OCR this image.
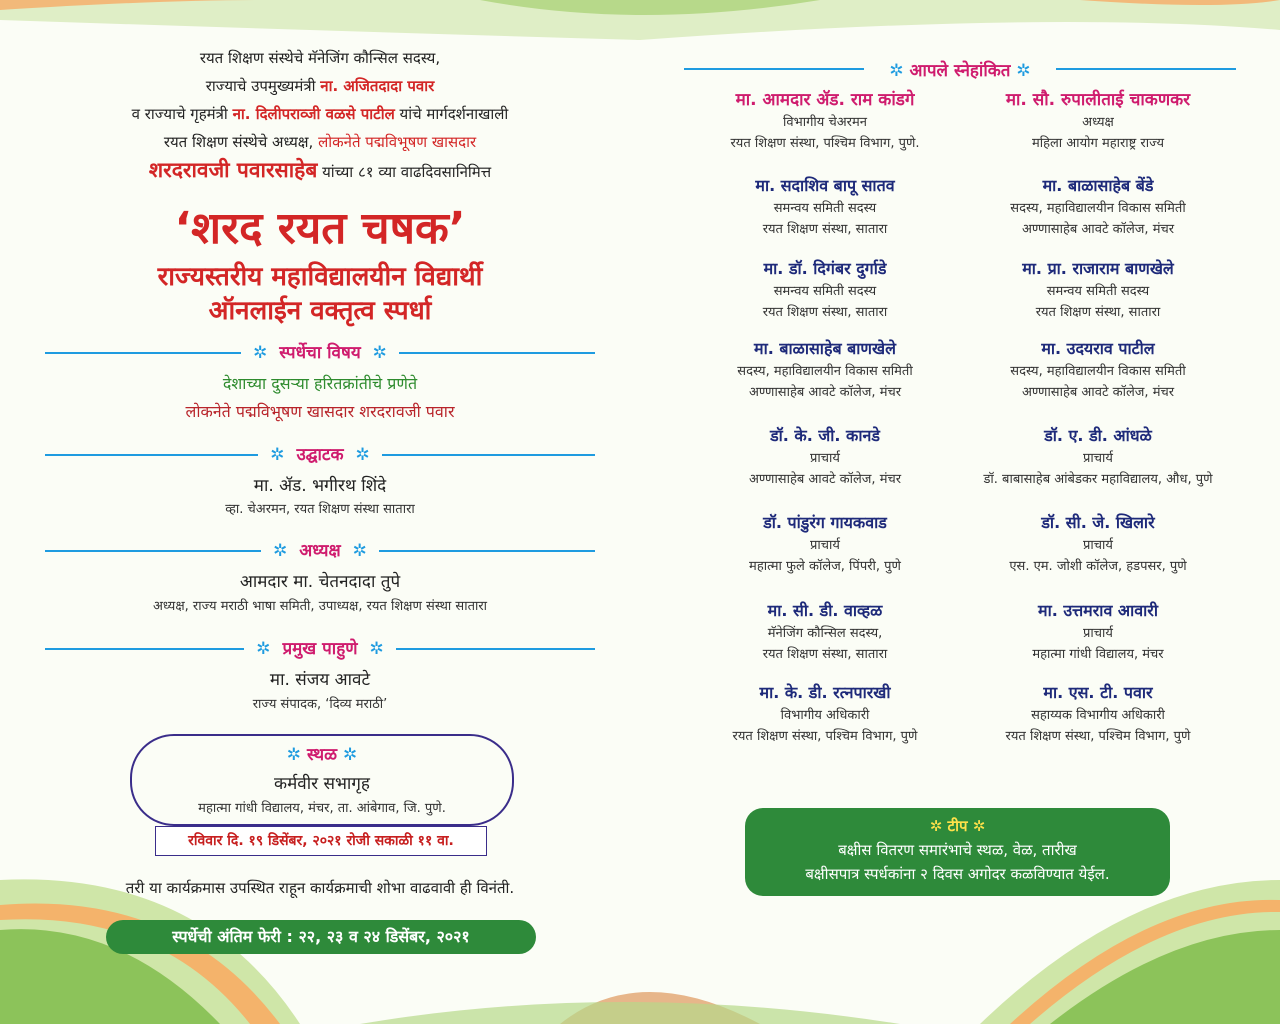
रयत शिक्षण संस्थेचे मॅनेजिंग कौन्सिल सदस्य,
राज्याचे उपमुख्यमंत्री ना. अजितदादा पवार
व राज्याचे गृहमंत्री ना. दिलीपराव्जी वळसे पाटील यांचे मार्गदर्शनाखाली
रयत शिक्षण संस्थेचे अध्यक्ष, लोकनेते पद्मविभूषण खासदार
शरदरावजी पवारसाहेब यांच्या ८१ व्या वाढदिवसानिमित्त
‘शरद रयत चषक’
राज्यस्तरीय महाविद्यालयीन विद्यार्थी
ऑनलाईन वक्तृत्व स्पर्धा
✲ स्पर्धेचा विषय ✲
देशाच्या दुसऱ्या हरितक्रांतीचे प्रणेते
लोकनेते पद्मविभूषण खासदार शरदरावजी पवार
✲ उद्घाटक ✲
मा. ॲड. भगीरथ शिंदे
व्हा. चेअरमन, रयत शिक्षण संस्था सातारा
✲ अध्यक्ष ✲
आमदार मा. चेतनदादा तुपे
अध्यक्ष, राज्य मराठी भाषा समिती, उपाध्यक्ष, रयत शिक्षण संस्था सातारा
✲ प्रमुख पाहुणे ✲
मा. संजय आवटे
राज्य संपादक, ‘दिव्य मराठी’
✲ स्थळ ✲
कर्मवीर सभागृह
महात्मा गांधी विद्यालय, मंचर, ता. आंबेगाव, जि. पुणे.
रविवार दि. १९ डिसेंबर, २०२१ रोजी सकाळी ११ वा.
तरी या कार्यक्रमास उपस्थित राहून कार्यक्रमाची शोभा वाढवावी ही विनंती.
स्पर्धेची अंतिम फेरी : २२, २३ व २४ डिसेंबर, २०२१
✲ आपले स्नेहांकित ✲
मा. आमदार ॲड. राम कांडगे
विभागीय चेअरमन
रयत शिक्षण संस्था, पश्चिम विभाग, पुणे.
मा. सौ. रुपालीताई चाकणकर
अध्यक्ष
महिला आयोग महाराष्ट्र राज्य
मा. सदाशिव बापू सातव
समन्वय समिती सदस्य
रयत शिक्षण संस्था, सातारा
मा. बाळासाहेब बेंडे
सदस्य, महाविद्यालयीन विकास समिती
अण्णासाहेब आवटे कॉलेज, मंचर
मा. डॉ. दिगंबर दुर्गाडे
समन्वय समिती सदस्य
रयत शिक्षण संस्था, सातारा
मा. प्रा. राजाराम बाणखेले
समन्वय समिती सदस्य
रयत शिक्षण संस्था, सातारा
मा. बाळासाहेब बाणखेले
सदस्य, महाविद्यालयीन विकास समिती
अण्णासाहेब आवटे कॉलेज, मंचर
मा. उदयराव पाटील
सदस्य, महाविद्यालयीन विकास समिती
अण्णासाहेब आवटे कॉलेज, मंचर
डॉ. के. जी. कानडे
प्राचार्य
अण्णासाहेब आवटे कॉलेज, मंचर
डॉ. ए. डी. आंधळे
प्राचार्य
डॉ. बाबासाहेब आंबेडकर महाविद्यालय, औध, पुणे
डॉ. पांडुरंग गायकवाड
प्राचार्य
महात्मा फुले कॉलेज, पिंपरी, पुणे
डॉ. सी. जे. खिलारे
प्राचार्य
एस. एम. जोशी कॉलेज, हडपसर, पुणे
मा. सी. डी. वाव्हळ
मॅनेजिंग कौन्सिल सदस्य,
रयत शिक्षण संस्था, सातारा
मा. उत्तमराव आवारी
प्राचार्य
महात्मा गांधी विद्यालय, मंचर
मा. के. डी. रत्नपारखी
विभागीय अधिकारी
रयत शिक्षण संस्था, पश्चिम विभाग, पुणे
मा. एस. टी. पवार
सहाय्यक विभागीय अधिकारी
रयत शिक्षण संस्था, पश्चिम विभाग, पुणे
✲ टीप ✲
बक्षीस वितरण समारंभाचे स्थळ, वेळ, तारीख
बक्षीसपात्र स्पर्धकांना २ दिवस अगोदर कळविण्यात येईल.
